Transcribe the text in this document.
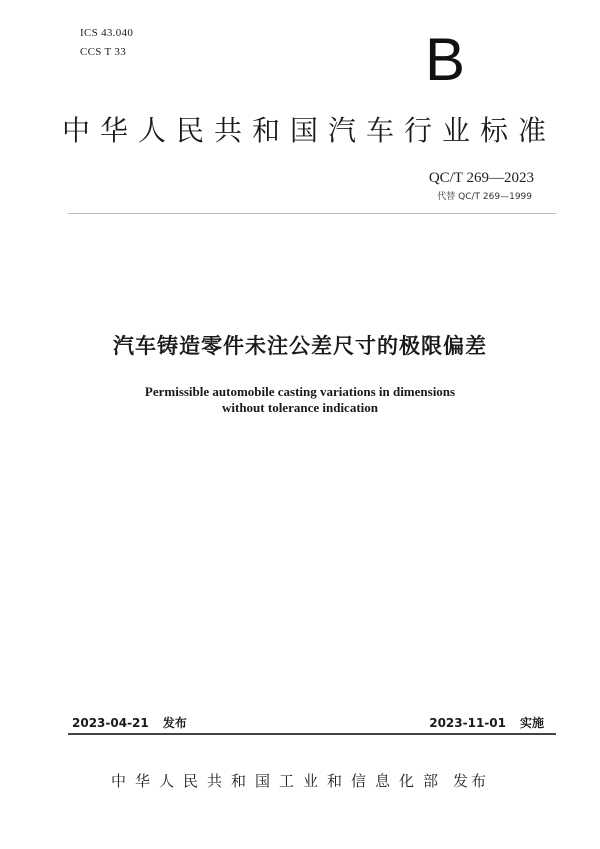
ICS 43.040
CCS T 33	B
中华人民共和国汽车行业标准
QC/T 269—2023
代替 QC/T 269—1999
汽车铸造零件未注公差尺寸的极限偏差
Permissible automobile casting variations in dimensions
without tolerance indication
2023-04-21 发布	2023-11-01 实施
中华人民共和国工业和信息化部 发布
